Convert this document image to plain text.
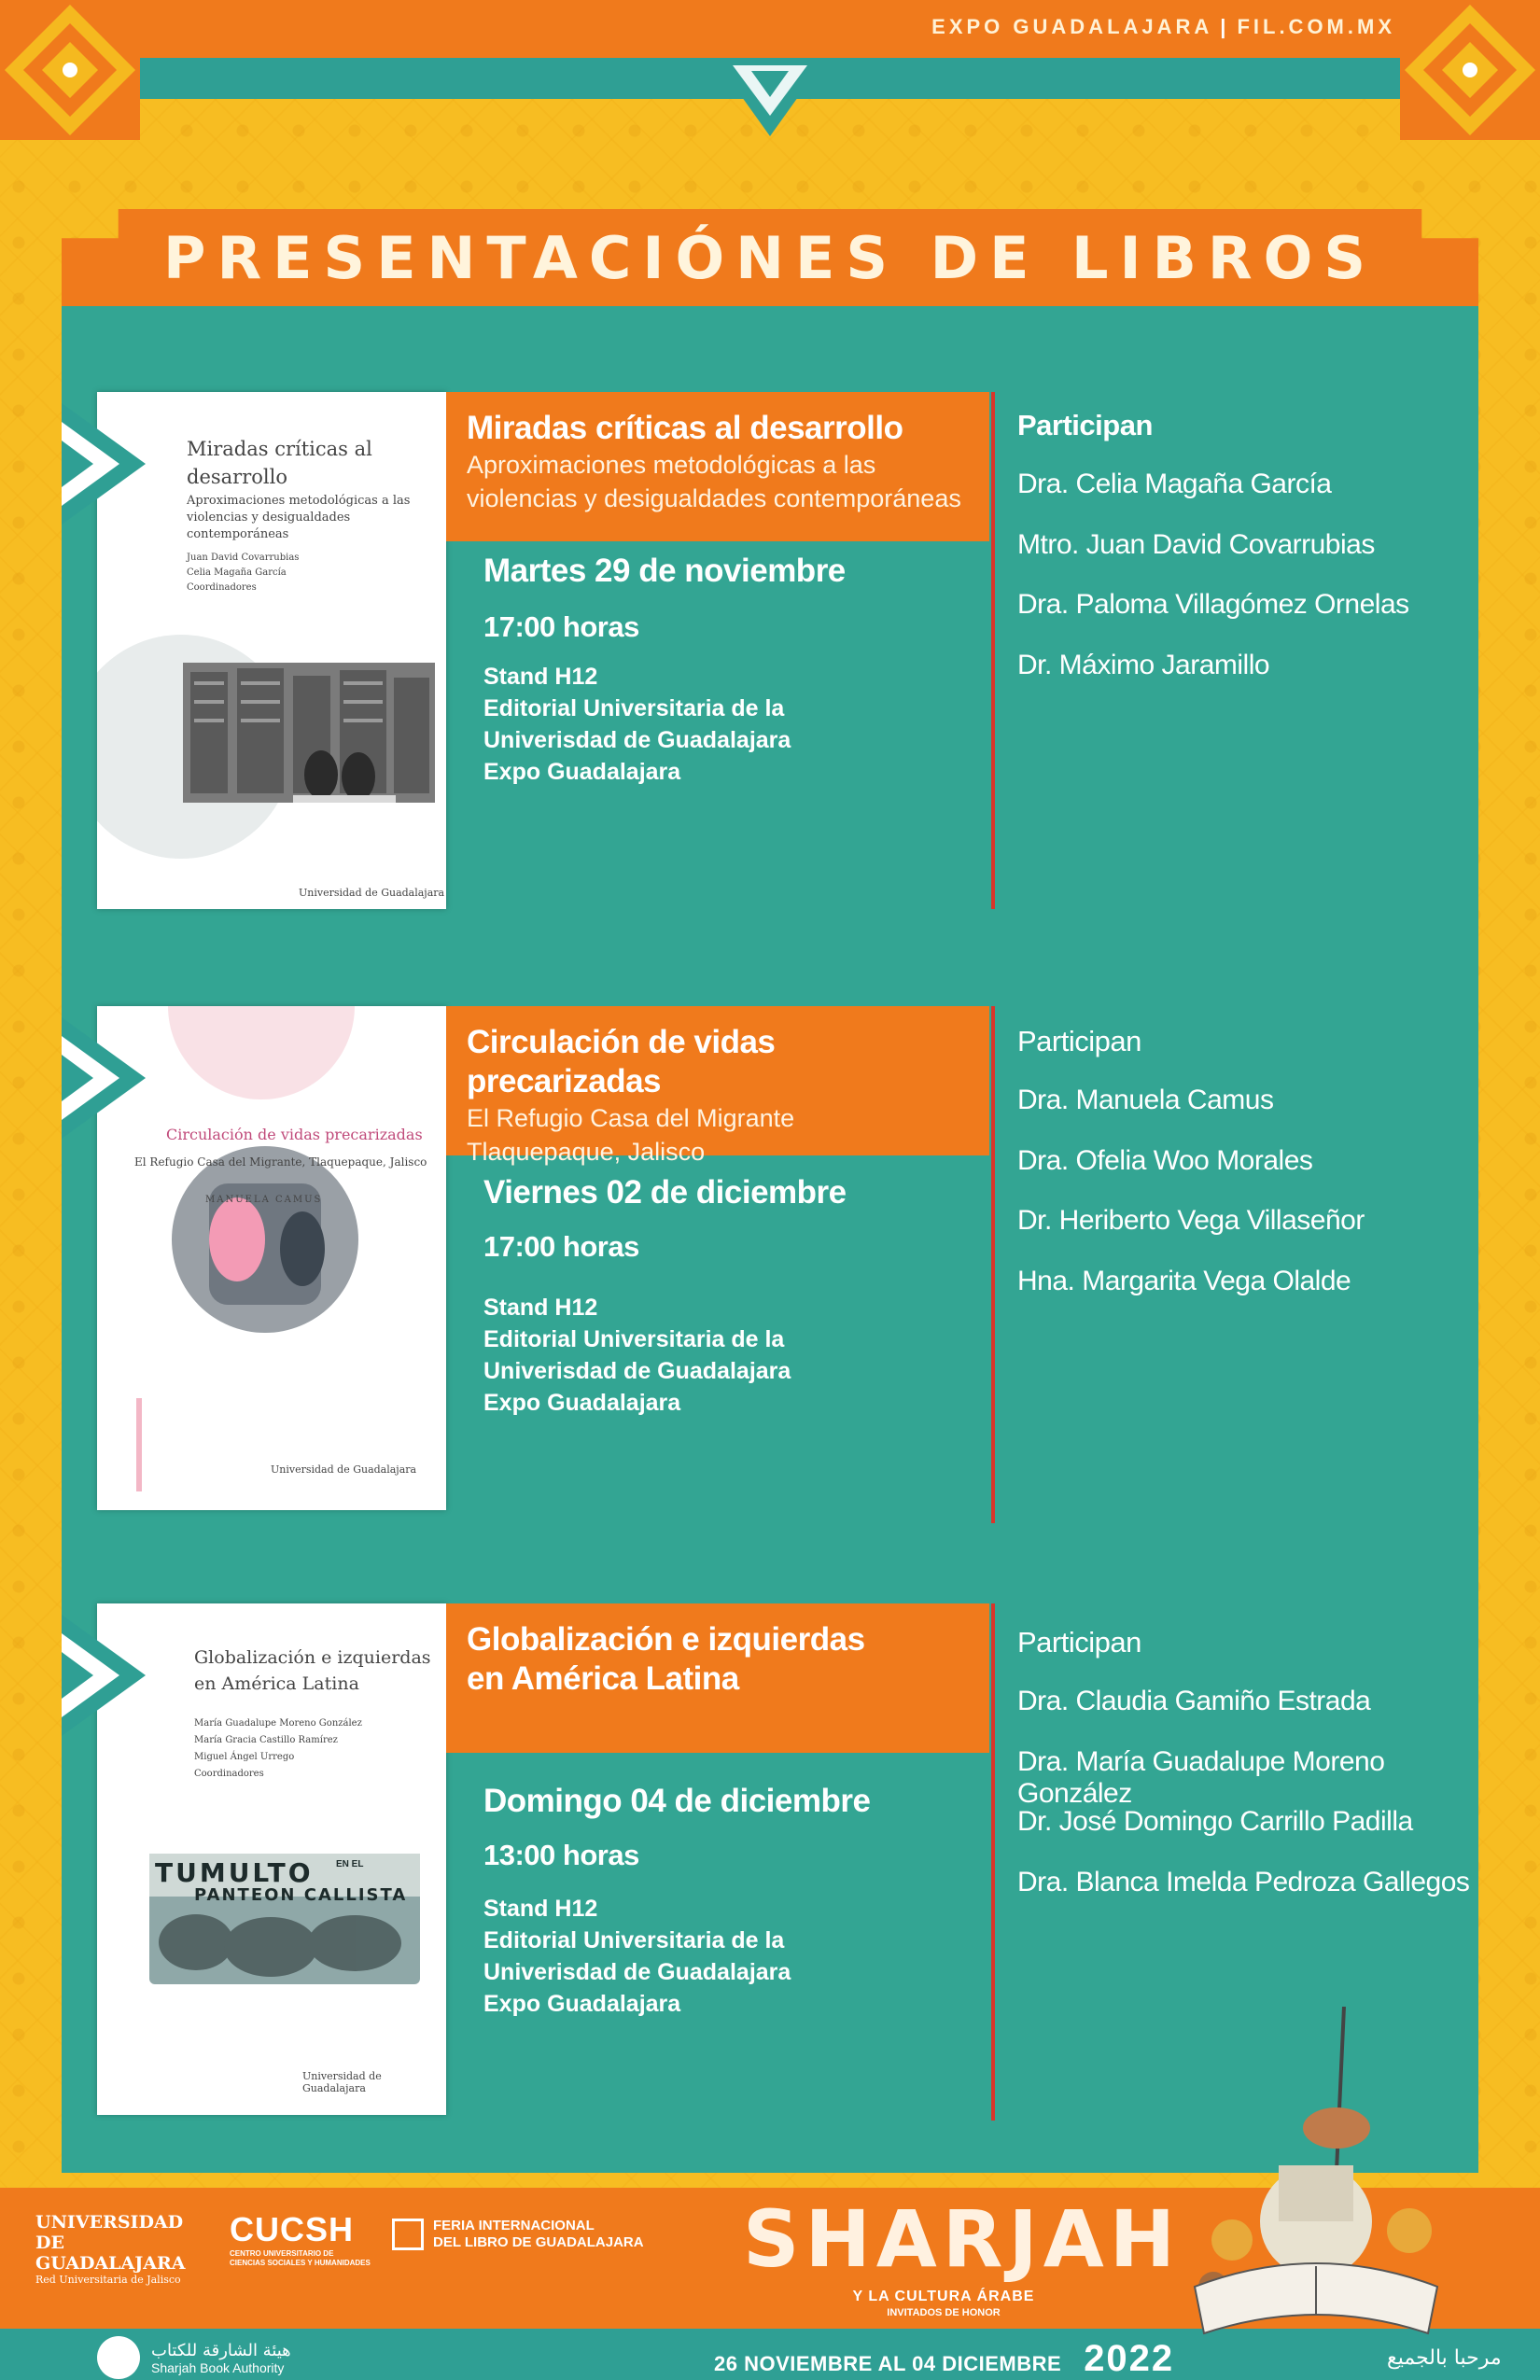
EXPO GUADALAJARA | FIL.COM.MX
PRESENTACIÓNES DE LIBROS
Miradas críticas al
desarrollo
Aproximaciones metodológicas a las
violencias y desigualdades contemporáneas
Juan David Covarrubias
Celia Magaña García
Coordinadores
Universidad de Guadalajara
Miradas críticas al desarrollo
Aproximaciones metodológicas a las
violencias y desigualdades contemporáneas
Martes 29 de noviembre
17:00 horas
Stand H12
Editorial Universitaria de la
Univerisdad de Guadalajara
Expo Guadalajara
Participan
Dra. Celia Magaña García
Mtro. Juan David Covarrubias
Dra. Paloma Villagómez Ornelas
Dr. Máximo Jaramillo
Circulación de vidas precarizadas
El Refugio Casa del Migrante, Tlaquepaque, Jalisco
MANUELA CAMUS
Universidad de Guadalajara
Circulación de vidas precarizadas
El Refugio Casa del Migrante
Tlaquepaque, Jalisco
Viernes 02 de diciembre
17:00 horas
Stand H12
Editorial Universitaria de la
Univerisdad de Guadalajara
Expo Guadalajara
Participan
Dra. Manuela Camus
Dra. Ofelia Woo Morales
Dr. Heriberto Vega Villaseñor
Hna. Margarita Vega Olalde
Globalización e izquierdas
en América Latina
María Guadalupe Moreno González
María Gracia Castillo Ramírez
Miguel Ángel Urrego
Coordinadores
TUMULTO EN EL
PANTEON CALLISTA
Universidad de Guadalajara
Globalización e izquierdas
en América Latina
Domingo 04 de diciembre
13:00 horas
Stand H12
Editorial Universitaria de la
Univerisdad de Guadalajara
Expo Guadalajara
Participan
Dra. Claudia Gamiño Estrada
Dra. María Guadalupe Moreno González
Dr. José Domingo Carrillo Padilla
Dra. Blanca Imelda Pedroza Gallegos
UNIVERSIDAD DE
GUADALAJARA
Red Universitaria de Jalisco
CUCSH
CENTRO UNIVERSITARIO DE
CIENCIAS SOCIALES Y HUMANIDADES
FERIA INTERNACIONAL
DEL LIBRO DE GUADALAJARA SHARJAH
Y LA CULTURA ÁRABE
INVITADOS DE HONOR
هيئة الشارقة للكتاب
Sharjah Book Authority	26 NOVIEMBRE AL 04 DICIEMBRE 2022	مرحبا بالجميع
